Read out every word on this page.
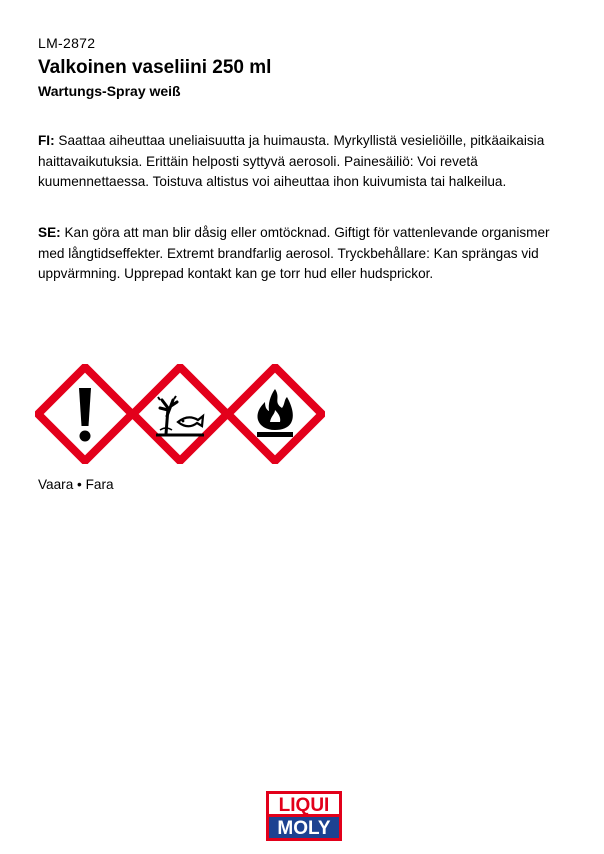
LM-2872
Valkoinen vaseliini 250 ml
Wartungs-Spray weiß
FI: Saattaa aiheuttaa uneliaisuutta ja huimausta. Myrkyllistä vesieliöille, pitkäaikaisia haittavaikutuksia. Erittäin helposti syttyvä aerosoli. Painesäiliö: Voi revetä kuumennettaessa. Toistuva altistus voi aiheuttaa ihon kuivumista tai halkeilua.
SE: Kan göra att man blir dåsig eller omtöcknad. Giftigt för vattenlevande organismer med långtidseffekter. Extremt brandfarlig aerosol. Tryckbehållare: Kan sprängas vid uppvärmning. Upprepad kontakt kan ge torr hud eller hudsprickor.
Vaara • Fara
LIQUI
MOLY
